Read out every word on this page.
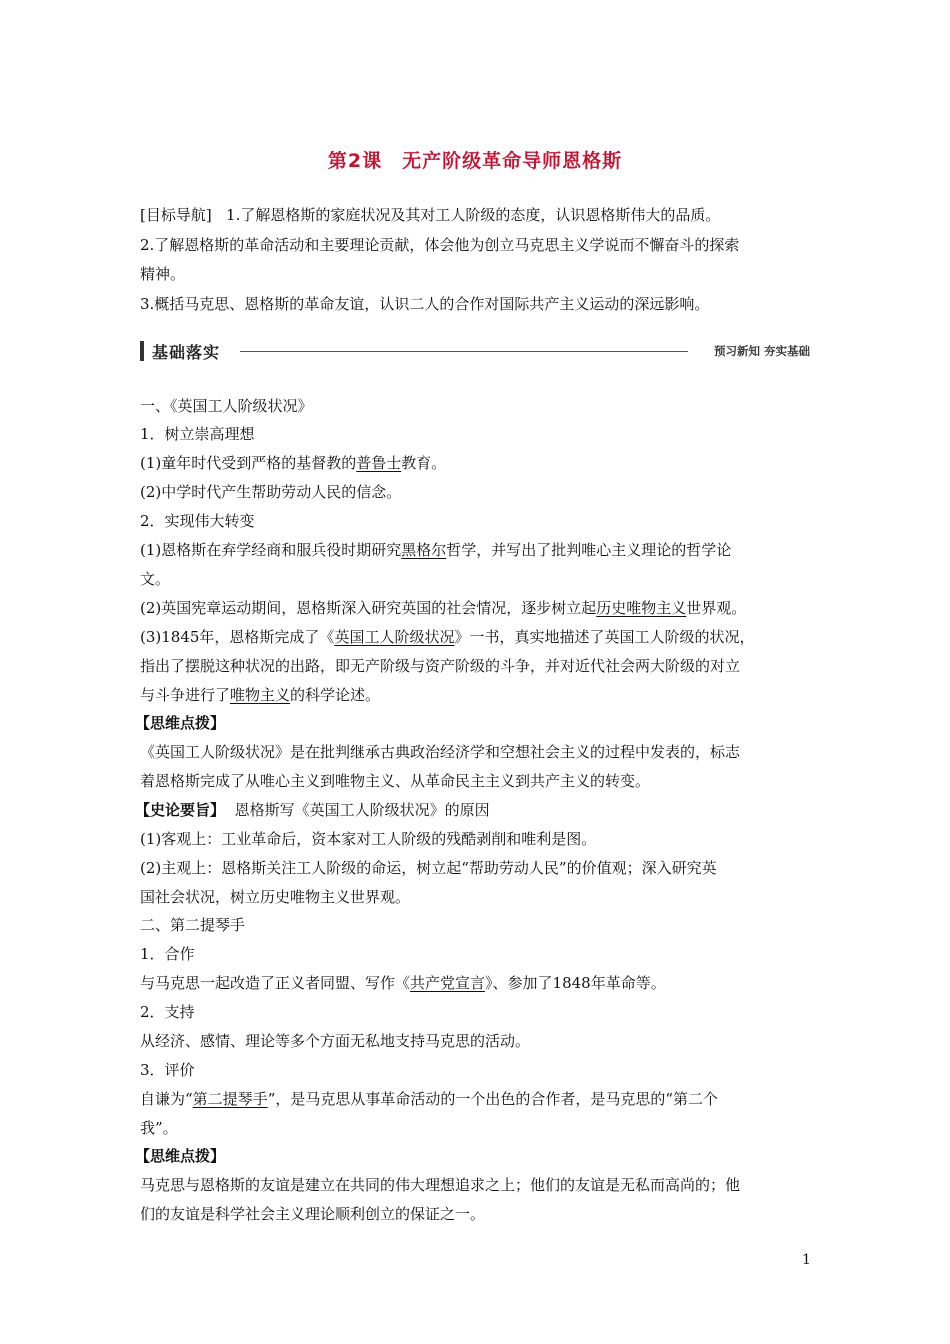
第2课 无产阶级革命导师恩格斯
[目标导航] 1.了解恩格斯的家庭状况及其对工人阶级的态度，认识恩格斯伟大的品质。
2.了解恩格斯的革命活动和主要理论贡献，体会他为创立马克思主义学说而不懈奋斗的探索
精神。
3.概括马克思、恩格斯的革命友谊，认识二人的合作对国际共产主义运动的深远影响。
基础落实	预习新知 夯实基础
一、《英国工人阶级状况》
1．树立崇高理想
(1)童年时代受到严格的基督教的普鲁士教育。
(2)中学时代产生帮助劳动人民的信念。
2．实现伟大转变
(1)恩格斯在弃学经商和服兵役时期研究黑格尔哲学，并写出了批判唯心主义理论的哲学论
文。
(2)英国宪章运动期间，恩格斯深入研究英国的社会情况，逐步树立起历史唯物主义世界观。
(3)1845年，恩格斯完成了《英国工人阶级状况》一书，真实地描述了英国工人阶级的状况，
指出了摆脱这种状况的出路，即无产阶级与资产阶级的斗争，并对近代社会两大阶级的对立
与斗争进行了唯物主义的科学论述。
【思维点拨】
《英国工人阶级状况》是在批判继承古典政治经济学和空想社会主义的过程中发表的，标志
着恩格斯完成了从唯心主义到唯物主义、从革命民主主义到共产主义的转变。
【史论要旨】 恩格斯写《英国工人阶级状况》的原因
(1)客观上：工业革命后，资本家对工人阶级的残酷剥削和唯利是图。
(2)主观上：恩格斯关注工人阶级的命运，树立起“帮助劳动人民”的价值观；深入研究英
国社会状况，树立历史唯物主义世界观。
二、第二提琴手
1．合作
与马克思一起改造了正义者同盟、写作《共产党宣言》、参加了1848年革命等。
2．支持
从经济、感情、理论等多个方面无私地支持马克思的活动。
3．评价
自谦为“第二提琴手”，是马克思从事革命活动的一个出色的合作者，是马克思的“第二个
我”。
【思维点拨】
马克思与恩格斯的友谊是建立在共同的伟大理想追求之上；他们的友谊是无私而高尚的；他
们的友谊是科学社会主义理论顺利创立的保证之一。
1
